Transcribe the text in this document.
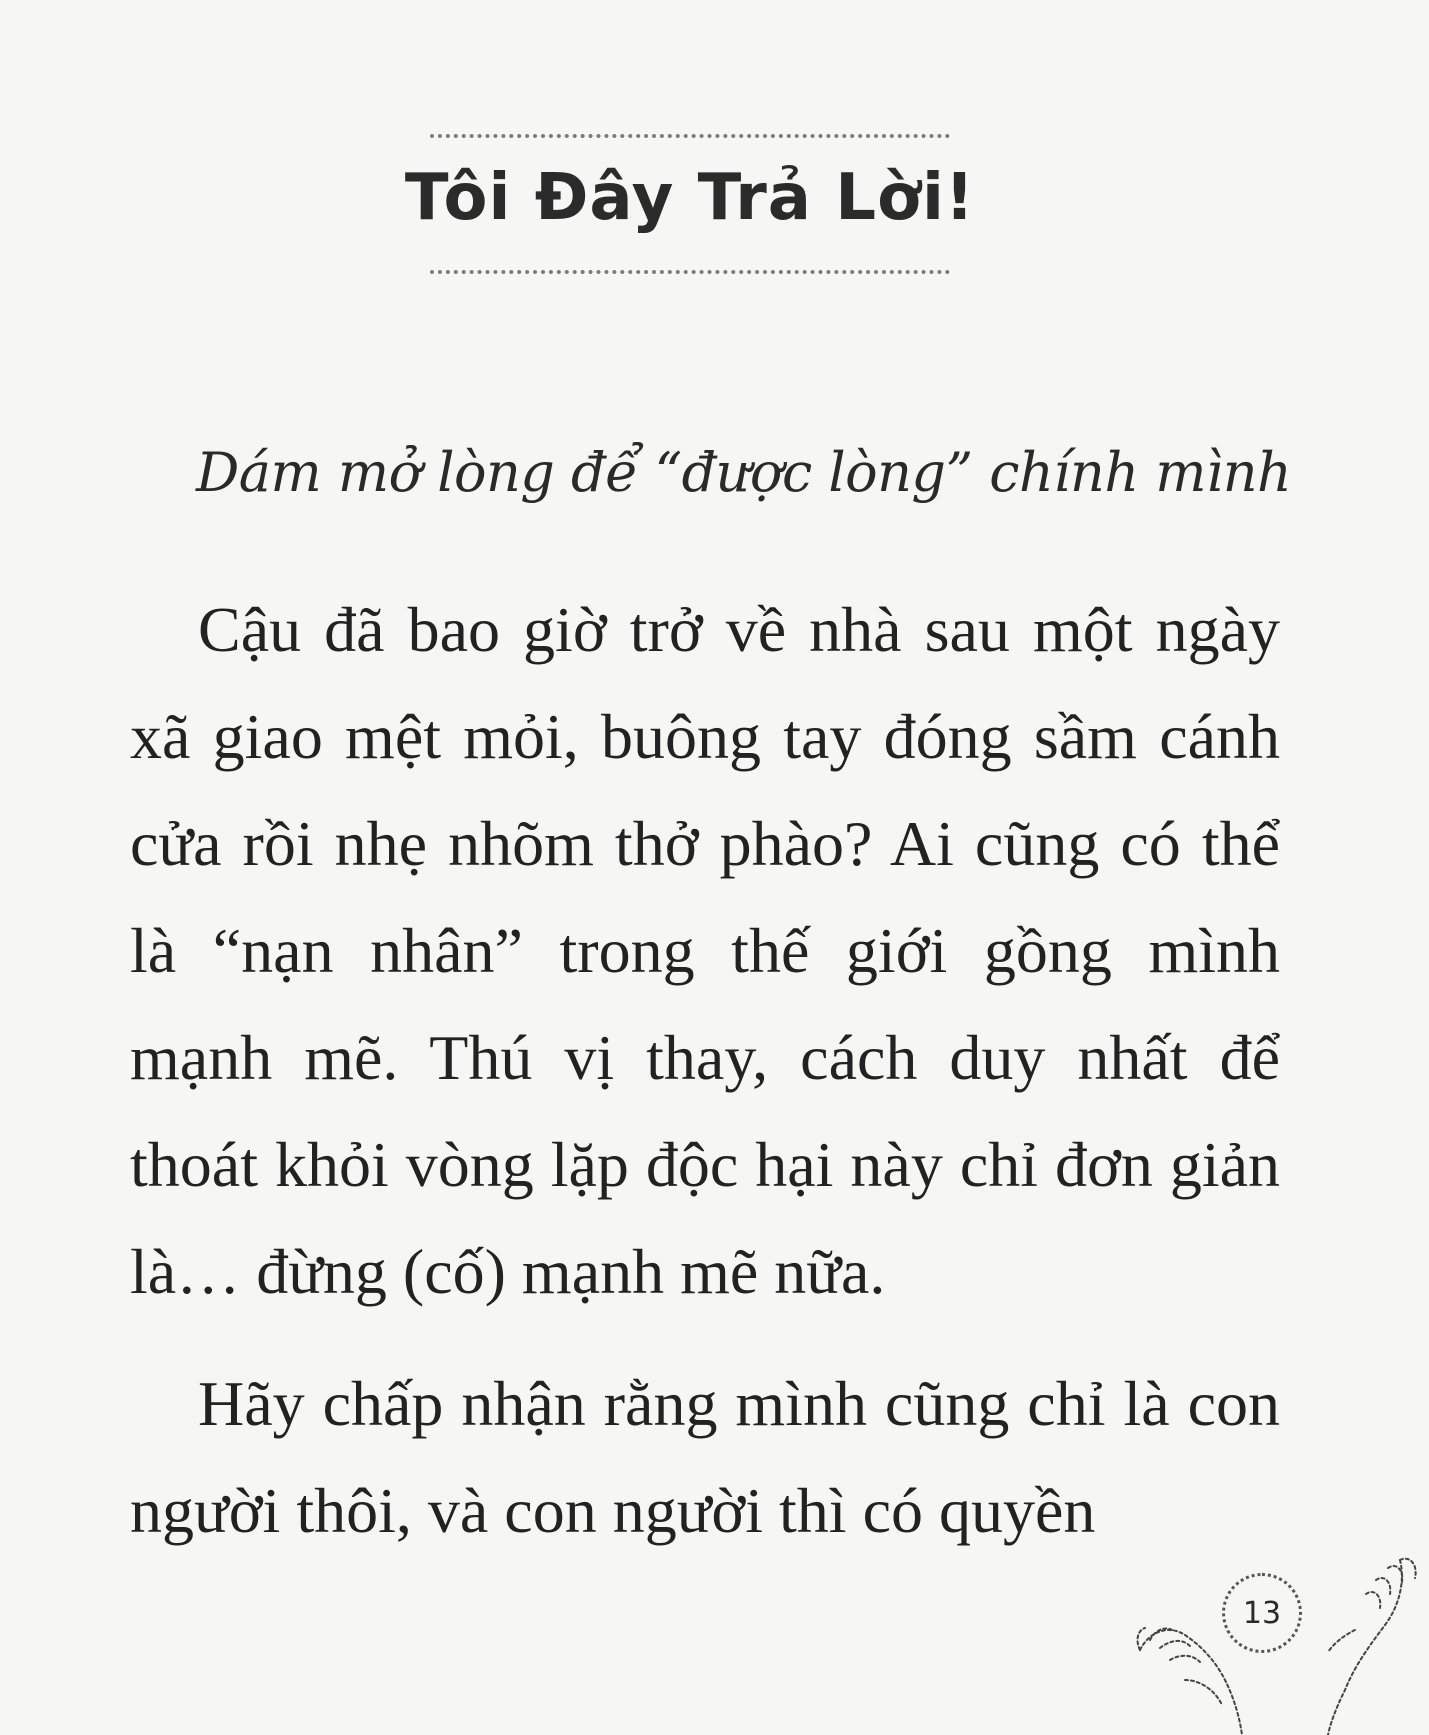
Tôi Đây Trả Lời!

Dám mở lòng để “được lòng” chính mình

Cậu đã bao giờ trở về nhà sau một ngày xã giao mệt mỏi, buông tay đóng sầm cánh cửa rồi nhẹ nhõm thở phào? Ai cũng có thể là “nạn nhân” trong thế giới gồng mình mạnh mẽ. Thú vị thay, cách duy nhất để thoát khỏi vòng lặp độc hại này chỉ đơn giản là… đừng (cố) mạnh mẽ nữa.

Hãy chấp nhận rằng mình cũng chỉ là con người thôi, và con người thì có quyền

13
